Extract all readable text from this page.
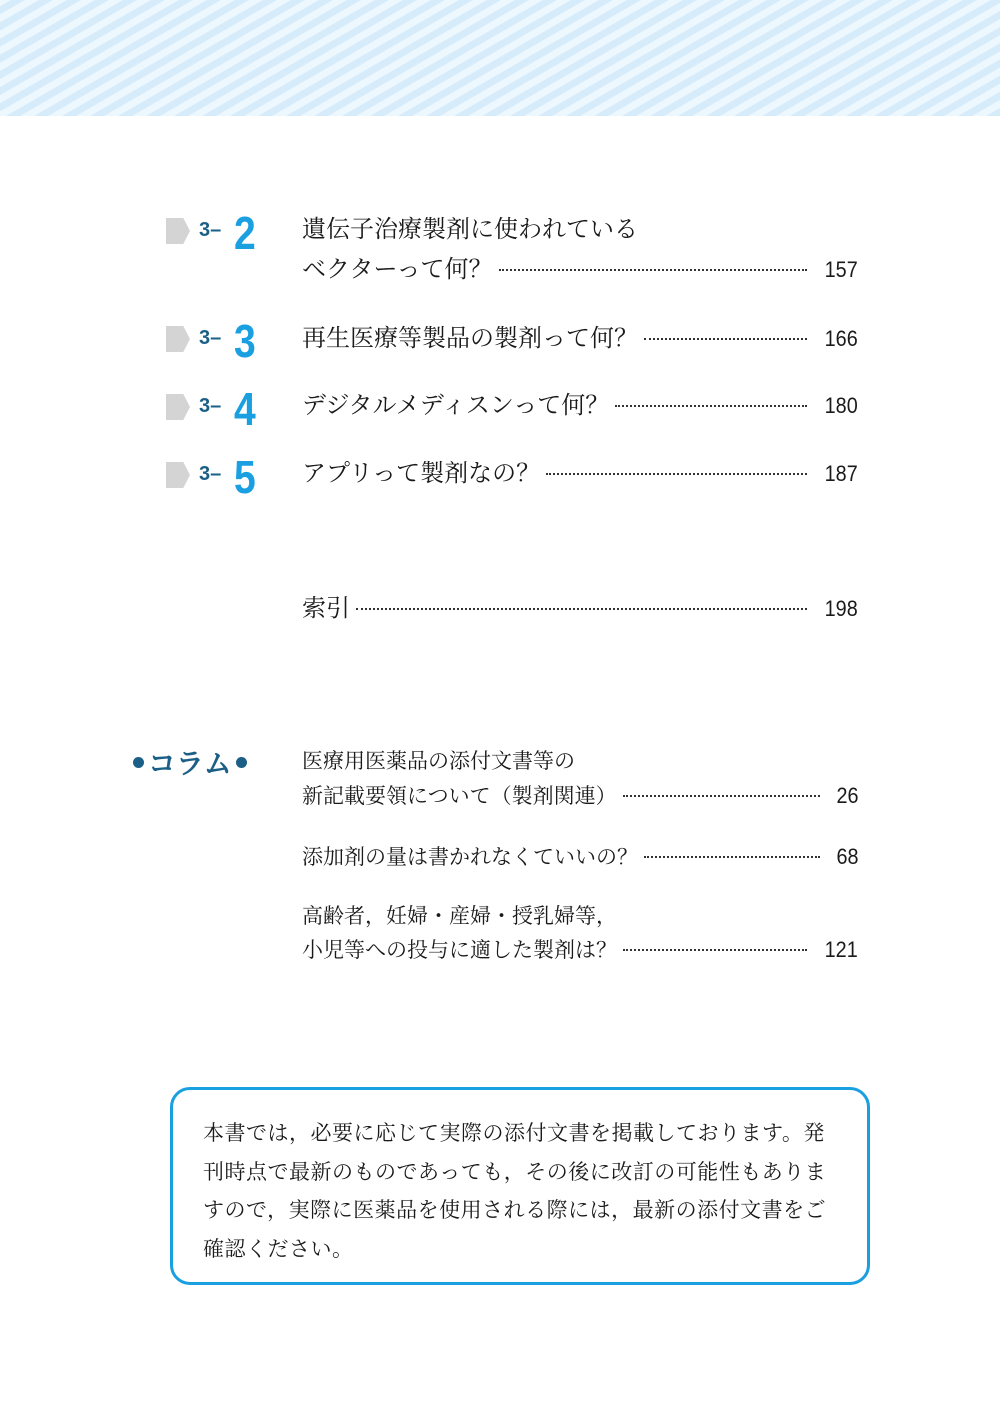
3– 2 遺伝子治療製剤に使われている
ベクターって何？	157
3– 3 再生医療等製品の製剤って何？	166
3– 4 デジタルメディスンって何？	180
3– 5 アプリって製剤なの？	187
索引	198
コラム	医療用医薬品の添付文書等の
新記載要領について（製剤関連）	26
添加剤の量は書かれなくていいの？	68
高齢者，妊婦・産婦・授乳婦等，
小児等への投与に適した製剤は？	121

本書では，必要に応じて実際の添付文書を掲載しております。発

刊時点で最新のものであっても，その後に改訂の可能性もありま

すので，実際に医薬品を使用される際には，最新の添付文書をご

確認ください。
